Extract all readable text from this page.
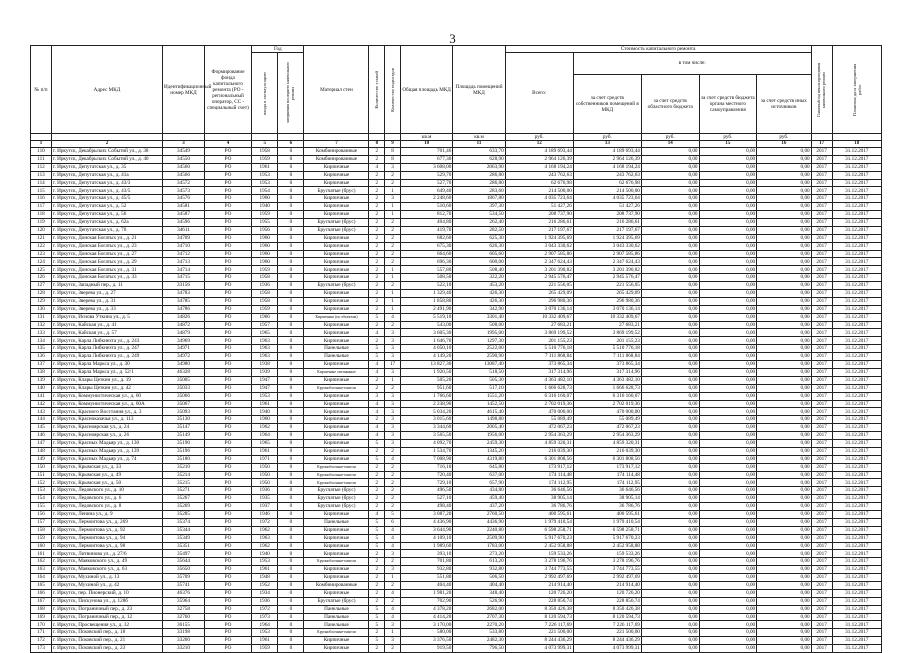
3
№ п/п	Адрес МКД	Идентификационный номер МКД	Формирование фонда капитального ремонта (РО - региональный оператор, СС - специальный счет)	Год		Материал стен	Количество этажей	Количество подъездов	Общая площадь МКД	Площадь помещений МКД	Стоимость капитального ремонта					Плановый год начала проведения капитального ремонта	Плановая дата завершения работ

				ввода в эксплуатацию	завершения последнего капитального ремонта						Всего:	в том числе:					
												за счет средств собственников помещений в МКД	за счет средств областного бюджета	за счет средств бюджета органа местного самоуправления	за счет средств иных источников		
									кв.м	кв.м	руб.	руб.	руб.	руб.	руб.		
1	2	3	4	5	6	7	8	9	10	11	12	13	14	15	16	17	18
110	г. Иркутск, Декабрьских Событий ул., д. 38	34549	РО	1958	0	Комбинированные	2	8	701,46	633,70	4 189 693,44	4 189 693,44	0,00	0,00	0,00	2017	31.12.2017
111	г. Иркутск, Декабрьских Событий ул., д. 40	34550	РО	1959	0	Комбинированные	2	8	677,30	628,90	2 964 126,39	2 964 126,39	0,00	0,00	0,00	2017	31.12.2017
112	г. Иркутск, Депутатская ул., д. 35	34560	РО	1961	0	Кирпичные	4	3	3 608,00	2063,90	4 168 194,24	4 168 194,24	0,00	0,00	0,00	2017	31.12.2017
113	г. Иркутск, Депутатская ул., д. 41а	34566	РО	1953	0	Кирпичные	2	2	529,70	286,80	243 762,63	243 762,63	0,00	0,00	0,00	2017	31.12.2017
114	г. Иркутск, Депутатская ул., д. 43/3	34572	РО	1953	0	Кирпичные	2	2	527,70	286,80	62 676,98	62 676,98	0,00	0,00	0,00	2017	31.12.2017
115	г. Иркутск, Депутатская ул., д. 43/5	34573	РО	1954	0	Брусчатые (брус)	2	1	649,40	283,60	214 500,00	214 500,00	0,00	0,00	0,00	2017	31.12.2017
116	г. Иркутск, Депутатская ул., д. 45/5	34576	РО	1960	0	Кирпичные	2	3	2 248,60	1867,80	4 035 723,64	4 035 723,64	0,00	0,00	0,00	2017	31.12.2017
117	г. Иркутск, Депутатская ул., д. 52	34581	РО	1940	0	Кирпичные	2	1	510,60	397,30	51 427,26	51 427,26	0,00	0,00	0,00	2017	31.12.2017
118	г. Иркутск, Депутатская ул., д. 56	34587	РО	1959	0	Кирпичные	2	1	812,70	534,50	208 737,90	208 737,90	0,00	0,00	0,00	2017	31.12.2017
119	г. Иркутск, Депутатская ул., д. 62а	34596	РО	1955	0	Брусчатые (брус)	2	2	404,80	262,40	216 286,61	216 286,61	0,00	0,00	0,00	2017	31.12.2017
120	г. Иркутск, Депутатская ул., д. 70	34611	РО	1956	0	Брусчатые (брус)	2	2	419,70	282,50	217 197,67	217 197,67	0,00	0,00	0,00	2017	31.12.2017
121	г. Иркутск, Донская Богатых ул., д. 21	34709	РО	1960	0	Кирпичные	2	2	682,60	625,30	1 924 395,69	1 924 395,69	0,00	0,00	0,00	2017	31.12.2017
122	г. Иркутск, Донская Богатых ул., д. 23	34710	РО	1960	0	Кирпичные	2	2	675,30	626,30	3 043 330,62	3 043 330,62	0,00	0,00	0,00	2017	31.12.2017
123	г. Иркутск, Донская Богатых ул., д. 27	34712	РО	1960	0	Кирпичные	2	2	664,60	605,60	2 907 585,86	2 907 585,86	0,00	0,00	0,00	2017	31.12.2017
124	г. Иркутск, Донская Богатых ул., д. 29	34713	РО	1960	0	Кирпичные	2	2	696,30	600,00	2 347 624,43	2 347 624,43	0,00	0,00	0,00	2017	31.12.2017
125	г. Иркутск, Донская Богатых ул., д. 31	34714	РО	1959	0	Кирпичные	2	1	557,80	508,40	3 201 390,82	3 201 390,82	0,00	0,00	0,00	2017	31.12.2017
126	г. Иркутск, Донская Богатых ул., д. 33	34715	РО	1958	0	Кирпичные	2	1	508,50	322,20	2 945 576,47	2 945 576,47	0,00	0,00	0,00	2017	31.12.2017
127	г. Иркутск, Западный пер., д. 11	33156	РО	1936	0	Брусчатые (брус)	2	2	522,10	453,20	221 556,05	221 556,05	0,00	0,00	0,00	2017	31.12.2017
128	г. Иркутск, Зверева ул., д. 27	34783	РО	1958	0	Кирпичные	2	1	1 329,40	426,30	265 429,09	265 429,09	0,00	0,00	0,00	2017	31.12.2017
129	г. Иркутск, Зверева ул., д. 31	34785	РО	1958	0	Кирпичные	2	1	1 858,80	426,30	296 980,36	296 980,36	0,00	0,00	0,00	2017	31.12.2017
130	г. Иркутск, Зверева ул., д. 33	34786	РО	1959	0	Кирпичные	2	1	2 491,90	342,90	3 070 136,14	3 070 136,14	0,00	0,00	0,00	2017	31.12.2017
131	г. Иркутск, Исиова Уткина ул., д. 5	34826	РО	1966	0	Кирпичные (по объектам)	5	4	5 519,10	3301,40	10 332 409,67	10 332 409,67	0,00	0,00	0,00	2017	31.12.2017
132	г. Иркутск, Кайская ул., д. 41	34872	РО	1957	0	Кирпичные	2	2	543,00	508,00	27 683,21	27 683,21	0,00	0,00	0,00	2017	31.12.2017
133	г. Иркутск, Кайская ул., д. 57	34879	РО	1965	0	Кирпичные	4	3	3 605,30	1995,00	3 869 199,52	3 869 199,52	0,00	0,00	0,00	2017	31.12.2017
134	г. Иркутск, Карла Либкнехта ул., д. 243	34969	РО	1963	0	Кирпичные	2	3	1 646,70	1297,30	201 155,23	201 155,23	0,00	0,00	0,00	2017	31.12.2017
135	г. Иркутск, Карла Либкнехта ул., д. 247	34971	РО	1963	0	Панельные	5	3	4 050,10	2522,00	5 510 776,18	5 510 776,18	0,00	0,00	0,00	2017	31.12.2017
136	г. Иркутск, Карла Либкнехта ул., д. 249	34972	РО	1963	0	Панельные	5	3	4 149,20	2590,90	7 111 868,84	7 111 868,84	0,00	0,00	0,00	2017	31.12.2017
137	г. Иркутск, Карла Маркса ул., д. 30	34980	РО	1938	0	Кирпичные	4	17	13 827,30	13087,40	373 865,34	373 865,34	0,00	0,00	0,00	2017	31.12.2017
138	г. Иркутск, Карла Маркса ул., д. 52/1	46328	РО	1939	0	Кирпичные смешанные	4	3	1 920,50	518,50	317 314,96	317 314,96	0,00	0,00	0,00	2017	31.12.2017
139	г. Иркутск, Клары Цеткин ул., д. 19	35005	РО	1947	0	Кирпичные	2	1	505,20	505,30	4 363 482,10	4 363 482,10	0,00	0,00	0,00	2017	31.12.2017
140	г. Иркутск, Клары Цеткин ул., д. 42	35033	РО	1947	0	Крупноблочные-панели	2	2	951,60	517,10	1 666 628,73	1 666 628,73	0,00	0,00	0,00	2017	31.12.2017
141	г. Иркутск, Коммунистическая ул., д. 60	35066	РО	1953	0	Кирпичные	3	3	1 766,60	1551,20	6 316 160,07	6 316 160,07	0,00	0,00	0,00	2017	31.12.2017
142	г. Иркутск, Коммунистическая ул., д. 60А	35067	РО	1961	0	Кирпичные	4	3	2 238,90	1452,50	2 702 019,36	2 702 019,36	0,00	0,00	0,00	2017	31.12.2017
143	г. Иркутск, Красного Восстания ул., д. 3	35093	РО	1940	0	Кирпичные	4	3	5 034,20	4615,40	470 000,00	470 000,00	0,00	0,00	0,00	2017	31.12.2017
144	г. Иркутск, Красноказачья ул., д. 113	35130	РО	1960	0	Кирпичные	2	3	3 015,60	1498,80	55 089,49	55 089,49	0,00	0,00	0,00	2017	31.12.2017
145	г. Иркутск, Красноярская ул., д. 24	35147	РО	1962	0	Кирпичные	4	3	3 344,60	2005,40	472 067,23	472 067,23	0,00	0,00	0,00	2017	31.12.2017
146	г. Иркутск, Красноярская ул., д. 26	35149	РО	1964	0	Кирпичные	4	3	3 565,50	1956,00	2 954 363,29	2 954 363,29	0,00	0,00	0,00	2017	31.12.2017
147	г. Иркутск, Красных Мадьяр ул., д. 130	35190	РО	1965	0	Кирпичные	5	3	4 092,70	2459,30	4 859 320,31	4 859 320,31	0,00	0,00	0,00	2017	31.12.2017
148	г. Иркутск, Красных Мадьяр ул., д. 139	35196	РО	1961	0	Кирпичные	2	2	1 534,70	1345,20	216 039,30	216 039,30	0,00	0,00	0,00	2017	31.12.2017
149	г. Иркутск, Красных Мадьяр ул., д. 74	35180	РО	1971	0	Кирпичные	5	4	7 008,90	4319,80	6 301 808,56	6 301 808,56	0,00	0,00	0,00	2017	31.12.2017
150	г. Иркутск, Крымская ул., д. 33	35210	РО	1950	0	Крупноблочные-панели	2	2	716,10	645,80	173 917,12	173 917,12	0,00	0,00	0,00	2017	31.12.2017
151	г. Иркутск, Крымская ул., д. 49	35214	РО	1950	0	Крупноблочные-панели	2	2	720,40	637,00	174 114,48	174 114,48	0,00	0,00	0,00	2017	31.12.2017
152	г. Иркутск, Крымская ул., д. 50	35215	РО	1950	0	Крупноблочные-панели	2	2	729,10	657,90	174 112,95	174 112,95	0,00	0,00	0,00	2017	31.12.2017
153	г. Иркутск, Ледовского ул., д. 10	35271	РО	1936	0	Брусчатые (брус)	2	2	496,50	434,80	36 646,56	36 646,56	0,00	0,00	0,00	2017	31.12.2017
154	г. Иркутск, Ледовского ул., д. 6	35267	РО	1935	0	Брусчатые (брус)	2	2	527,10	459,40	38 905,14	38 905,14	0,00	0,00	0,00	2017	31.12.2017
155	г. Иркутск, Ледовского ул., д. 8	35269	РО	1937	0	Брусчатые (брус)	2	2	498,40	437,20	36 786,76	36 786,76	0,00	0,00	0,00	2017	31.12.2017
156	г. Иркутск, Ленина ул., д. 9	35285	РО	1946	0	Кирпичные	4	5	3 087,20	2760,50	400 595,61	400 595,61	0,00	0,00	0,00	2017	31.12.2017
157	г. Иркутск, Лермонтова ул., д. 269	35374	РО	1972	0	Панельные	5	6	4 436,90	4436,90	1 979 410,54	1 979 410,54	0,00	0,00	0,00	2017	31.12.2017
158	г. Иркутск, Лермонтова ул., д. 92	35344	РО	1962	0	Кирпичные	5	4	3 644,90	2240,80	6 598 258,71	6 598 258,71	0,00	0,00	0,00	2017	31.12.2017
159	г. Иркутск, Лермонтова ул., д. 94	35349	РО	1963	0	Кирпичные	5	4	4 109,10	2509,90	5 917 670,23	5 917 670,23	0,00	0,00	0,00	2017	31.12.2017
160	г. Иркутск, Лермонтова ул., д. 98	35351	РО	1962	0	Кирпичные	5	4	1 989,60	1783,00	2 452 958,88	2 452 958,88	0,00	0,00	0,00	2017	31.12.2017
161	г. Иркутск, Литвинова ул., д. 27/6	35497	РО	1940	0	Кирпичные	2	3	393,10	273,20	159 533,26	159 533,26	0,00	0,00	0,00	2017	31.12.2017
162	г. Иркутск, Маяковского ул., д. 49	35644	РО	1953	0	Крупноблочные-панели	2	2	701,80	613,20	3 278 196,76	3 278 196,76	0,00	0,00	0,00	2017	31.12.2017
163	г. Иркутск, Маяковского ул., д. 63	35650	РО	1961	0	Кирпичные	2	3	932,80	932,80	3 744 773,55	3 744 773,55	0,00	0,00	0,00	2017	31.12.2017
164	г. Иркутск, Мухиной ул., д. 13	35709	РО	1948	0	Кирпичные	2	1	551,80	506,50	2 992 497,69	2 992 497,69	0,00	0,00	0,00	2017	31.12.2017
165	г. Иркутск, Мухиной ул., д. 42	35741	РО	1952	0	Комбинированные	2	2	404,40	404,40	214 914,40	214 914,40	0,00	0,00	0,00	2017	31.12.2017
166	г. Иркутск, пер. Пионерский, д. 10	46376	РО	1934	0	Кирпичные	2	4	1 981,20	348,40	120 726,20	120 726,20	0,00	0,00	0,00	2017	31.12.2017
167	г. Иркутск, Пискунова ул., д. 128б	35964	РО	1936	0	Брусчатые (брус)	2	2	702,90	526,90	228 856,74	228 856,74	0,00	0,00	0,00	2017	31.12.2017
168	г. Иркутск, Пограничный пер., д. 23	32758	РО	1972	0	Панельные	5	4	4 378,20	2682,00	8 350 426,38	8 350 426,38	0,00	0,00	0,00	2017	31.12.2017
169	г. Иркутск, Пограничный пер., д. 12	32760	РО	1973	0	Панельные	5	4	4 414,20	2707,30	8 120 594,73	8 120 594,73	0,00	0,00	0,00	2017	31.12.2017
170	г. Иркутск, Просвещения ул., д. 32	36155	РО	1964	0	Панельные	5	3	3 170,00	2270,20	7 226 117,69	7 226 117,69	0,00	0,00	0,00	2017	31.12.2017
171	г. Иркутск, Псковский пер., д. 18	33198	РО	1953	0	Крупноблочные-панели	2	1	580,00	533,80	221 500,00	221 500,00	0,00	0,00	0,00	2017	31.12.2017
172	г. Иркутск, Псковский пер., д. 21	33200	РО	1961	0	Кирпичные	5	3	3 376,50	2482,30	8 244 436,29	8 244 436,29	0,00	0,00	0,00	2017	31.12.2017
173	г. Иркутск, Псковский пер., д. 23	33210	РО	1959	0	Кирпичные	2	2	919,50	796,50	4 073 999,31	4 073 999,31	0,00	0,00	0,00	2017	31.12.2017
